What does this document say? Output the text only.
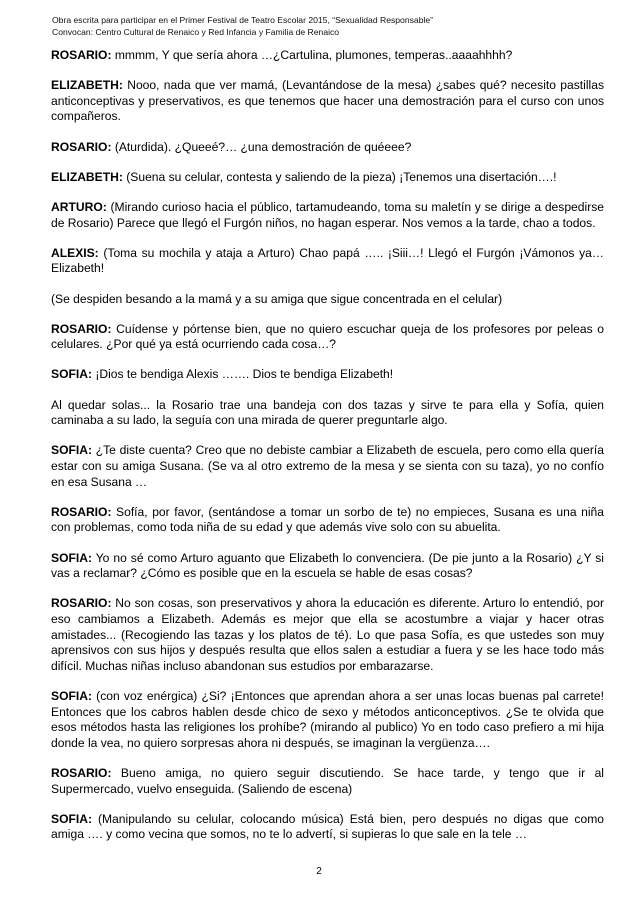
Obra escrita para participar en el Primer Festival de Teatro Escolar 2015, “Sexualidad Responsable”
Convocan: Centro Cultural de Renaico y Red Infancia y Familia de Renaico

ROSARIO: mmmm, Y que sería ahora …¿Cartulina, plumones, temperas..aaaahhhh?

ELIZABETH: Nooo, nada que ver mamá, (Levantándose de la mesa) ¿sabes qué? necesito pastillas anticonceptivas y preservativos, es que tenemos que hacer una demostración para el curso con unos compañeros.

ROSARIO: (Aturdida). ¿Queeé?… ¿una demostración de quéeee?

ELIZABETH: (Suena su celular, contesta y saliendo de la pieza) ¡Tenemos una disertación….!

ARTURO: (Mirando curioso hacia el público, tartamudeando, toma su maletín y se dirige a despedirse de Rosario) Parece que llegó el Furgón niños, no hagan esperar. Nos vemos a la tarde, chao a todos.

ALEXIS: (Toma su mochila y ataja a Arturo) Chao papá ….. ¡Siii…! Llegó el Furgón ¡Vámonos ya…Elizabeth!

(Se despiden besando a la mamá y a su amiga que sigue concentrada en el celular)

ROSARIO: Cuídense y pórtense bien, que no quiero escuchar queja de los profesores por peleas o celulares. ¿Por qué ya está ocurriendo cada cosa…?

SOFIA: ¡Dios te bendiga Alexis ……. Dios te bendiga Elizabeth!

Al quedar solas... la Rosario trae una bandeja con dos tazas y sirve te para ella y Sofía, quien caminaba a su lado, la seguía con una mirada de querer preguntarle algo.

SOFIA: ¿Te diste cuenta? Creo que no debiste cambiar a Elizabeth de escuela, pero como ella quería estar con su amiga Susana. (Se va al otro extremo de la mesa y se sienta con su taza), yo no confío en esa Susana …

ROSARIO: Sofía, por favor, (sentándose a tomar un sorbo de te) no empieces, Susana es una niña con problemas, como toda niña de su edad y que además vive solo con su abuelita.

SOFIA: Yo no sé como Arturo aguanto que Elizabeth lo convenciera. (De pie junto a la Rosario) ¿Y si vas a reclamar? ¿Cómo es posible que en la escuela se hable de esas cosas?

ROSARIO: No son cosas, son preservativos y ahora la educación es diferente. Arturo lo entendió, por eso cambiamos a Elizabeth. Además es mejor que ella se acostumbre a viajar y hacer otras amistades... (Recogiendo las tazas y los platos de té). Lo que pasa Sofía, es que ustedes son muy aprensivos con sus hijos y después resulta que ellos salen a estudiar a fuera y se les hace todo más difícil. Muchas niñas incluso abandonan sus estudios por embarazarse.

SOFIA: (con voz enérgica) ¿Si? ¡Entonces que aprendan ahora a ser unas locas buenas pal carrete! Entonces que los cabros hablen desde chico de sexo y métodos anticonceptivos. ¿Se te olvida que esos métodos hasta las religiones los prohíbe? (mirando al publico) Yo en todo caso prefiero a mi hija donde la vea, no quiero sorpresas ahora ni después, se imaginan la vergüenza….

ROSARIO: Bueno amiga, no quiero seguir discutiendo. Se hace tarde, y tengo que ir al Supermercado, vuelvo enseguida. (Saliendo de escena)

SOFIA: (Manipulando su celular, colocando música) Está bien, pero después no digas que como amiga …. y como vecina que somos, no te lo advertí, si supieras lo que sale en la tele …

2
